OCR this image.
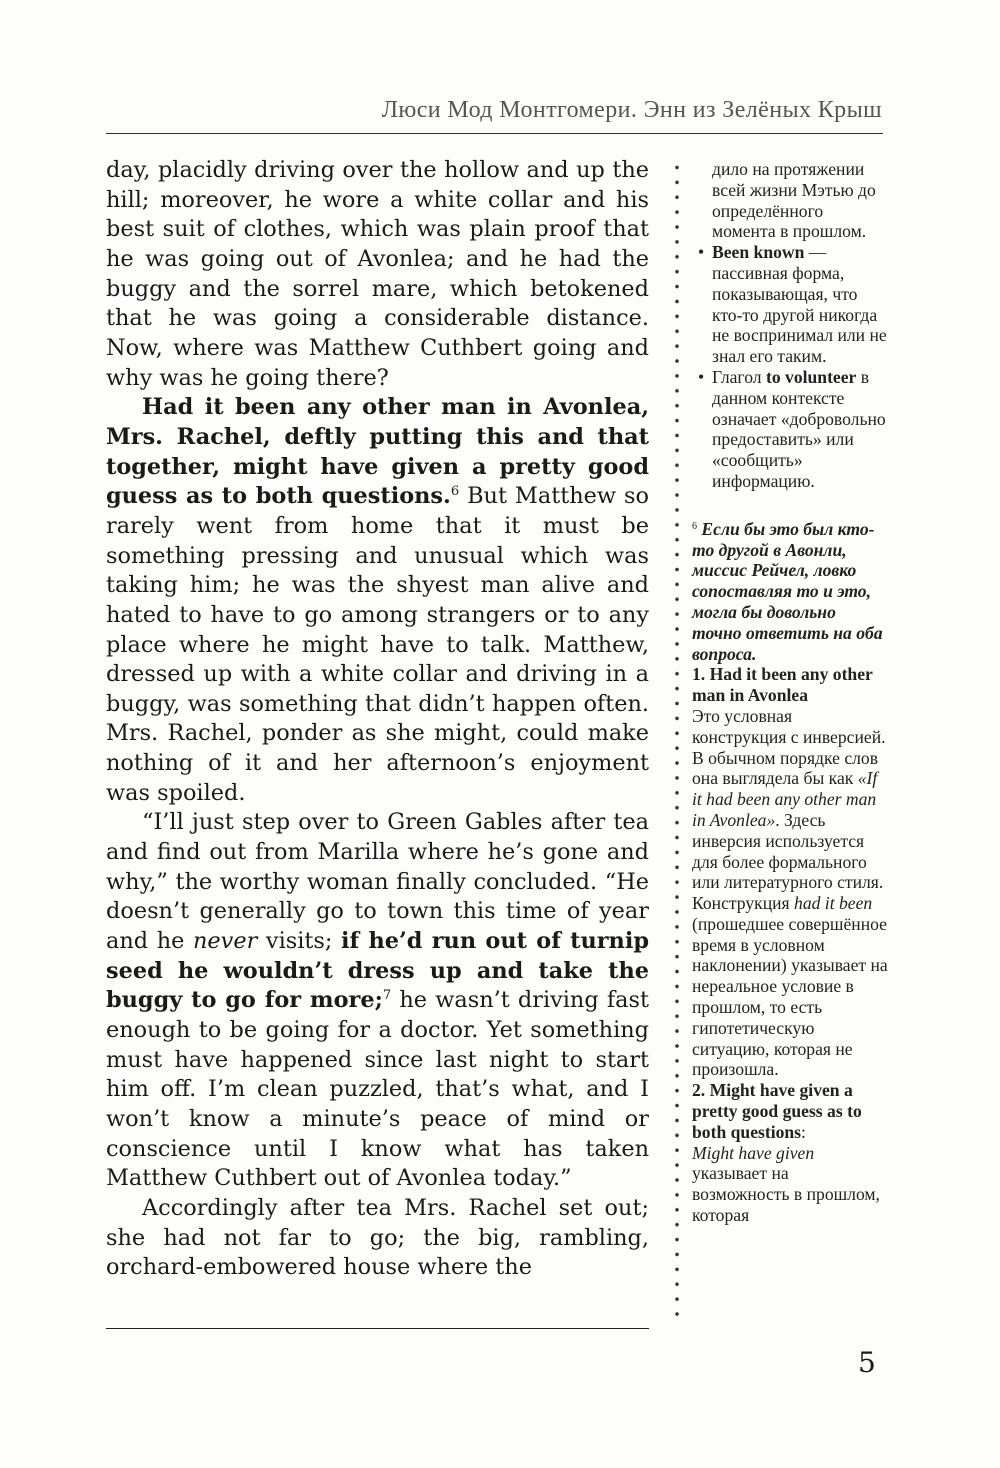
Люси Мод Монтгомери. Энн из Зелёных Крыш

day, placidly driving over the hollow and up the hill; moreover, he wore a white collar and his best suit of clothes, which was plain proof that he was going out of Avonlea; and he had the buggy and the sorrel mare, which betokened that he was going a considerable distance. Now, where was Matthew Cuthbert going and why was he going there?

Had it been any other man in Avonlea, Mrs. Rachel, deftly putting this and that together, might have given a pretty good guess as to both questions.$^6$ But Matthew so rarely went from home that it must be something pressing and unusual which was taking him; he was the shyest man alive and hated to have to go among strangers or to any place where he might have to talk. Matthew, dressed up with a white collar and driving in a buggy, was something that didn’t happen often. Mrs. Rachel, ponder as she might, could make nothing of it and her afternoon’s enjoyment was spoiled.

“I’ll just step over to Green Gables after tea and find out from Marilla where he’s gone and why,” the worthy woman finally concluded. “He doesn’t generally go to town this time of year and he never visits; if he’d run out of turnip seed he wouldn’t dress up and take the buggy to go for more;$^7$ he wasn’t driving fast enough to be going for a doctor. Yet something must have happened since last night to start him off. I’m clean puzzled, that’s what, and I won’t know a minute’s peace of mind or conscience until I know what has taken Matthew Cuthbert out of Avonlea today.”

Accordingly after tea Mrs. Rachel set out; she had not far to go; the big, rambling, orchard-embowered house where the

дило на протяжении всей жизни Мэтью до определённого момента в прошлом.

• Been known — пассивная форма, показывающая, что кто-то другой никогда не воспринимал или не знал его таким.

• Глагол to volunteer в данном контексте означает «добровольно предоставить» или «сообщить» информацию.

$^6$ Если бы это был кто-то другой в Авонли, миссис Рейчел, ловко сопоставляя то и это, могла бы довольно точно ответить на оба вопроса.

1. Had it been any other man in Avonlea

Это условная конструкция с инверсией. В обычном порядке слов она выглядела бы как «If it had been any other man in Avonlea». Здесь инверсия используется для более формального или литературного стиля. Конструкция had it been (прошедшее совершённое время в условном наклонении) указывает на нереальное условие в прошлом, то есть гипотетическую ситуацию, которая не произошла.

2. Might have given a pretty good guess as to both questions:

Might have given указывает на возможность в прошлом, которая

5
